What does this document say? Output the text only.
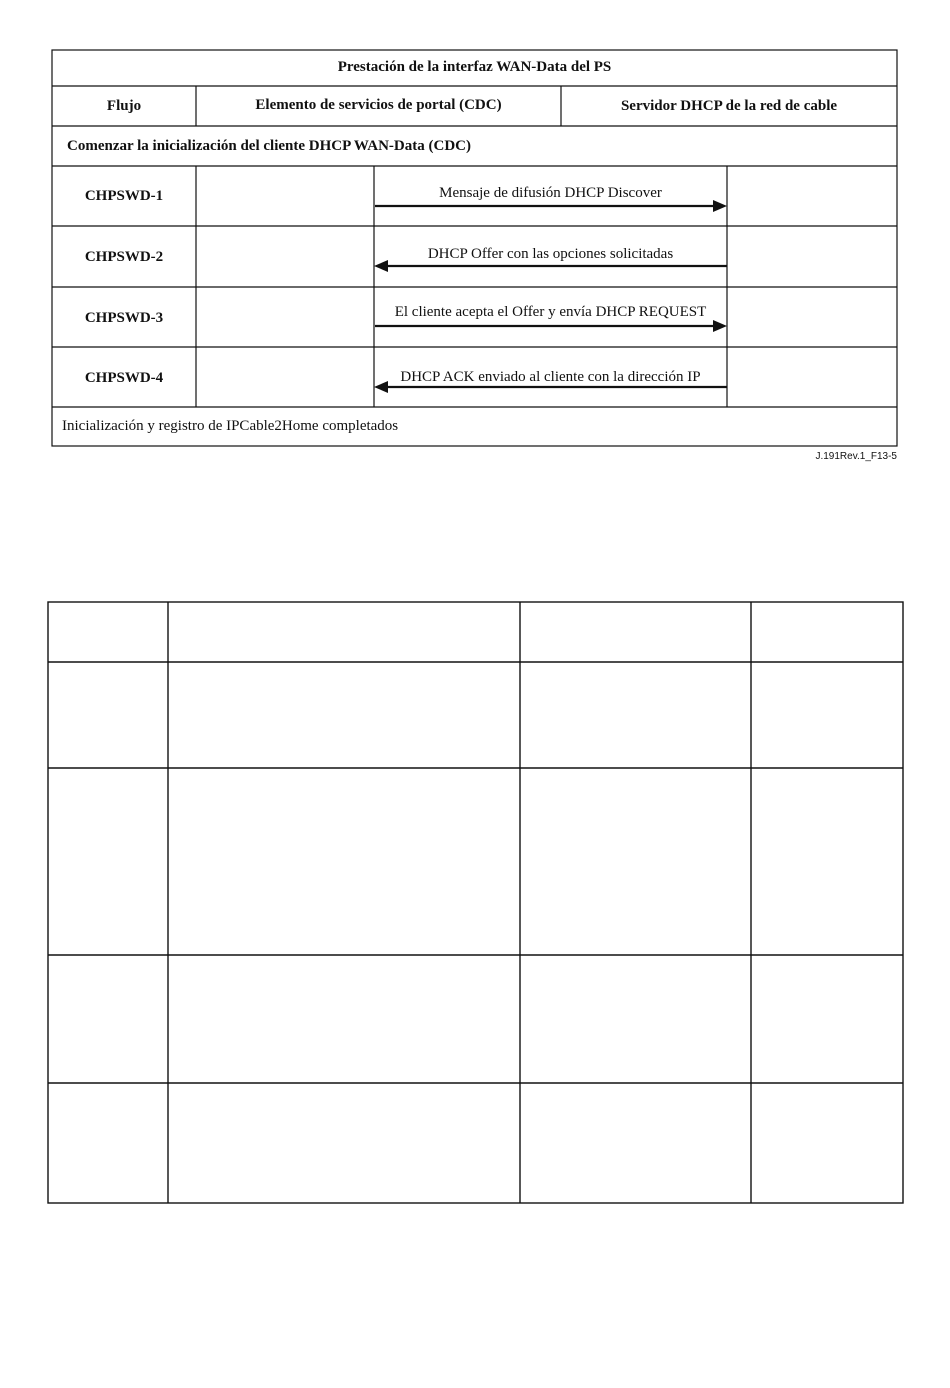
Prestación de la interfaz WAN-Data del PS
Flujo	Elemento de servicios de portal (CDC)	Servidor DHCP de la red de cable
Comenzar la inicialización del cliente DHCP WAN-Data (CDC)
CHPSWD-1	Mensaje de difusión DHCP Discover
CHPSWD-2	DHCP Offer con las opciones solicitadas
CHPSWD-3	El cliente acepta el Offer y envía DHCP REQUEST
CHPSWD-4	DHCP ACK enviado al cliente con la dirección IP
Inicialización y registro de IPCable2Home completados
J.191Rev.1_F13-5
